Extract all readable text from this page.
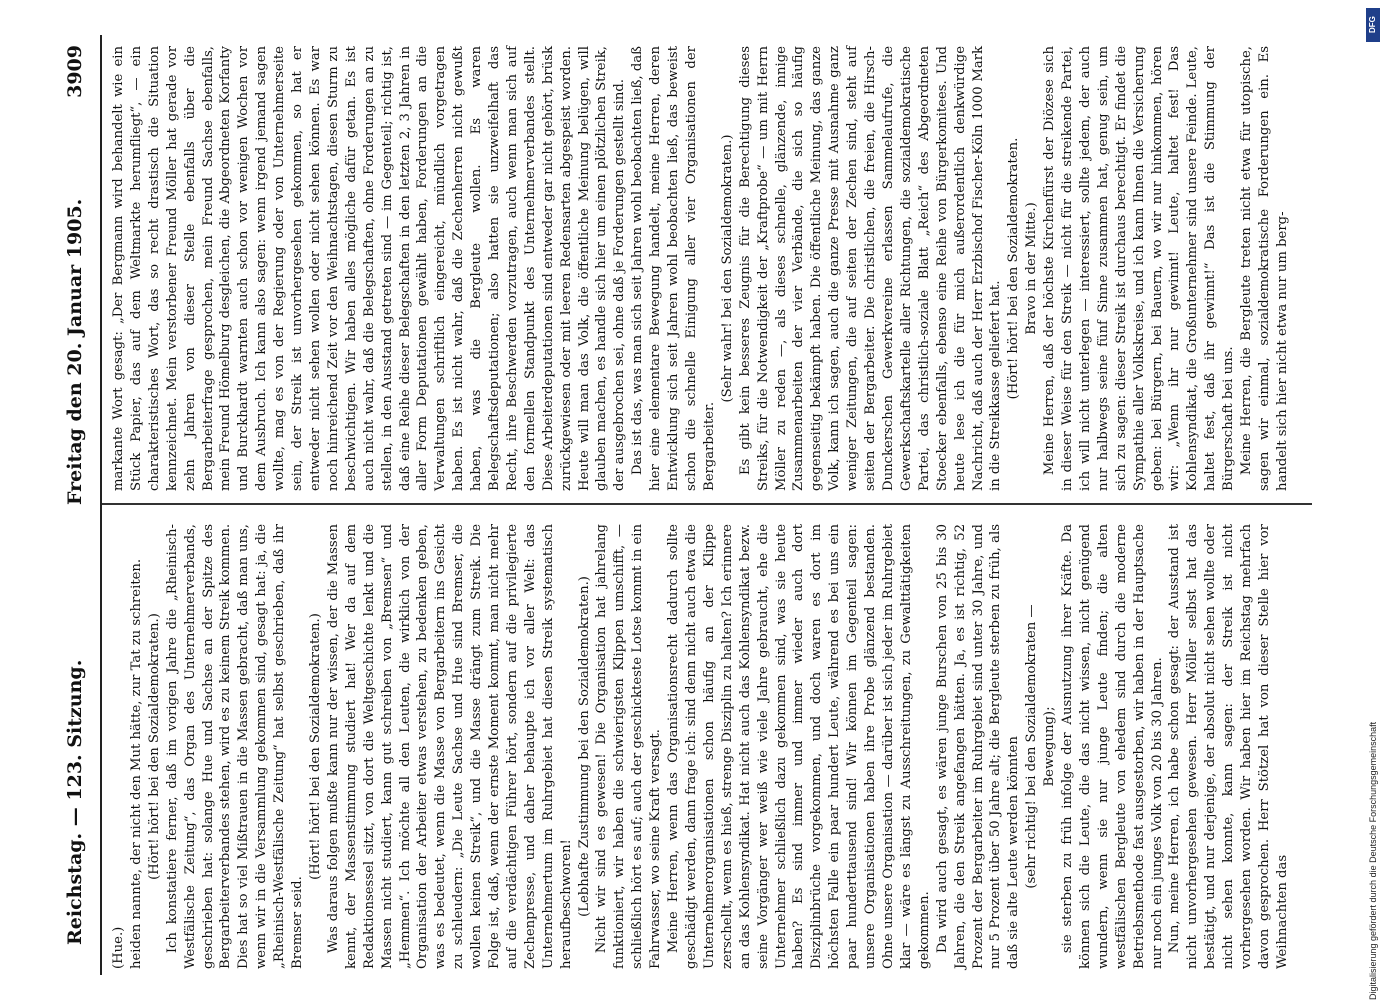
Reichstag. — 123. Sitzung.
Freitag den 20. Januar 1905.
3909

(Hue.) heiden nannte, der nicht den Mut hätte, zur Tat zu schreiten. (Hört! hört! bei den Sozialdemokraten.) Ich konstatiere ferner, daß im vorigen Jahre die „Rheinisch-Westfälische Zeitung“, das Organ des Unternehmerverbands, geschrieben hat: solange Hue und Sachse an der Spitze des Bergarbeiterverbandes stehen, wird es zu keinem Streik kommen. Dies hat so viel Mißtrauen in die Massen gebracht, daß man uns, wenn wir in die Versammlung gekommen sind, gesagt hat: ja, die „Rheinisch-Westfälische Zeitung“ hat selbst geschrieben, daß ihr Bremser seid.

(Hört! hört! bei den Sozialdemokraten.) Was daraus folgen mußte kann nur der wissen, der die Massen kennt, der Massenstimmung studiert hat! Wer da auf dem Redaktionsessel sitzt, von dort die Weltgeschichte lenkt und die Massen nicht studiert, kann gut schreiben von „Bremsen“ und „Hemmen“. Ich möchte all den Leuten, die wirklich von der Organisation der Arbeiter etwas verstehen, zu bedenken geben, was es bedeutet, wenn die Masse von Bergarbeitern ins Gesicht zu schleudern: „Die Leute Sachse und Hue sind Bremser, die wollen keinen Streik“, und die Masse drängt zum Streik. Die Folge ist, daß, wenn der ernste Moment kommt, man nicht mehr auf die verdächtigen Führer hört, sondern auf die privilegierte Zechenpresse, und daher behaupte ich vor aller Welt: das Unternehmertum im Ruhrgebiet hat diesen Streik systematisch heraufbeschworen! (Lebhafte Zustimmung bei den Sozialdemokraten.) Nicht wir sind es gewesen! Die Organisation hat jahrelang funktioniert, wir haben die schwierigsten Klippen umschifft, — schließlich hört es auf; auch der geschickteste Lotse kommt in ein Fahrwasser, wo seine Kraft versagt. Meine Herren, wenn das Organisationsrecht dadurch sollte geschädigt werden, dann frage ich: sind denn nicht auch etwa die Unternehmerorganisationen schon häufig an der Klippe zerschellt, wenn es hieß, strenge Disziplin zu halten? Ich erinnere an das Kohlensyndikat. Hat nicht auch das Kohlensyndikat bezw. seine Vorgänger wer weiß wie viele Jahre gebraucht, ehe die Unternehmer schließlich dazu gekommen sind, was sie heute haben? Es sind immer und immer wieder auch dort Disziplinbrüche vorgekommen, und doch waren es dort im höchsten Falle ein paar hundert Leute, während es bei uns ein paar hunderttausend sind! Wir können im Gegenteil sagen: unsere Organisationen haben ihre Probe glänzend bestanden. Ohne unsere Organisation — darüber ist sich jeder im Ruhrgebiet klar — wäre es längst zu Ausschreitungen, zu Gewalttätigkeiten gekommen. Da wird auch gesagt, es wären junge Burschen von 25 bis 30 Jahren, die den Streik angefangen hätten. Ja, es ist richtig, 52 Prozent der Bergarbeiter im Ruhrgebiet sind unter 30 Jahre, und nur 5 Prozent über 50 Jahre alt; die Bergleute sterben zu früh, als daß sie alte Leute werden könnten (sehr richtig! bei den Sozialdemokraten — Bewegung); sie sterben zu früh infolge der Ausnutzung ihrer Kräfte. Da können sich die Leute, die das nicht wissen, nicht genügend wundern, wenn sie nur junge Leute finden; die alten westfälischen Bergleute von ehedem sind durch die moderne Betriebsmethode fast ausgestorben, wir haben in der Hauptsache nur noch ein junges Volk von 20 bis 30 Jahren. Nun, meine Herren, ich habe schon gesagt: der Ausstand ist nicht unvorhergesehen gewesen. Herr Möller selbst hat das bestätigt, und nur derjenige, der absolut nicht sehen wollte oder nicht sehen konnte, kann sagen: der Streik ist nicht vorhergesehen worden. Wir haben hier im Reichstag mehrfach davon gesprochen. Herr Stötzel hat von dieser Stelle hier vor Weihnachten das

markante Wort gesagt: „Der Bergmann wird behandelt wie ein Stück Papier, das auf dem Weltmarkte herumfliegt“, — ein charakteristisches Wort, das so recht drastisch die Situation kennzeichnet. Mein verstorbener Freund Möller hat gerade vor zehn Jahren von dieser Stelle ebenfalls über die Bergarbeiterfrage gesprochen, mein Freund Sachse ebenfalls, mein Freund Hömelburg desgleichen, die Abgeordneten Korfanty und Burckhardt warnten auch schon vor wenigen Wochen vor dem Ausbruch. Ich kann also sagen: wenn irgend jemand sagen wollte, mag es von der Regierung oder von Unternehmerseite sein, der Streik ist unvorhergesehen gekommen, so hat er entweder nicht sehen wollen oder nicht sehen können. Es war noch hinreichend Zeit vor den Weihnachtstagen, diesen Sturm zu beschwichtigen. Wir haben alles mögliche dafür getan. Es ist auch nicht wahr, daß die Belegschaften, ohne Forderungen an zu stellen, in den Ausstand getreten sind — im Gegenteil; richtig ist, daß eine Reihe dieser Belegschaften in den letzten 2, 3 Jahren in aller Form Deputationen gewählt haben, Forderungen an die Verwaltungen schriftlich eingereicht, mündlich vorgetragen haben. Es ist nicht wahr, daß die Zechenherren nicht gewußt haben, was die Bergleute wollen. Es waren Belegschaftsdeputationen; also hatten sie unzweifelhaft das Recht, ihre Beschwerden vorzutragen, auch wenn man sich auf den formellen Standpunkt des Unternehmerverbandes stellt. Diese Arbeiterdeputationen sind entweder gar nicht gehört, brüsk zurückgewiesen oder mit leeren Redensarten abgespeist worden. Heute will man das Volk, die öffentliche Meinung belügen, will glauben machen, es handle sich hier um einen plötzlichen Streik, der ausgebrochen sei, ohne daß je Forderungen gestellt sind. Das ist das, was man sich seit Jahren wohl beobachten ließ, daß hier eine elementare Bewegung handelt, meine Herren, deren Entwicklung sich seit Jahren wohl beobachten ließ, das beweist schon die schnelle Einigung aller vier Organisationen der Bergarbeiter.

(Sehr wahr! bei den Sozialdemokraten.) Es gibt kein besseres Zeugnis für die Berechtigung dieses Streiks, für die Notwendigkeit der „Kraftprobe“ — um mit Herrn Möller zu reden —, als dieses schnelle, glänzende, innige Zusammenarbeiten der vier Verbände, die sich so häufig gegenseitig bekämpft haben. Die öffentliche Meinung, das ganze Volk, kann ich sagen, auch die ganze Presse mit Ausnahme ganz weniger Zeitungen, die auf seiten der Zechen sind, steht auf seiten der Bergarbeiter. Die christlichen, die freien, die Hirsch-Dunckerschen Gewerkvereine erlassen Sammelaufrufe, die Gewerkschaftskartelle aller Richtungen, die sozialdemokratische Partei, das christlich-soziale Blatt „Reich“ des Abgeordneten Stoecker ebenfalls, ebenso eine Reihe von Bürgerkomitees. Und heute lese ich die für mich außerordentlich denkwürdige Nachricht, daß auch der Herr Erzbischof Fischer-Köln 1000 Mark in die Streikkasse geliefert hat. (Hört! hört! bei den Sozialdemokraten. Bravo in der Mitte.) Meine Herren, daß der höchste Kirchenfürst der Diözese sich in dieser Weise für den Streik — nicht für die streikende Partei, ich will nicht unterlegen — interessiert, sollte jedem, der auch nur halbwegs seine fünf Sinne zusammen hat, genug sein, um sich zu sagen: dieser Streik ist durchaus berechtigt. Er findet die Sympathie aller Volkskreise, und ich kann Ihnen die Versicherung geben: bei Bürgern, bei Bauern, wo wir nur hinkommen, hören wir: „Wenn ihr nur gewinnt! Leute, haltet fest! Das Kohlensyndikat, die Großunternehmer sind unsere Feinde. Leute, haltet fest, daß ihr gewinnt!“ Das ist die Stimmung der Bürgerschaft bei uns. Meine Herren, die Bergleute treten nicht etwa für utopische, sagen wir einmal, sozialdemokratische Forderungen ein. Es handelt sich hier nicht etwa nur um berg-

Digitalisierung gefördert durch die Deutsche Forschungsgemeinschaft
DFG
